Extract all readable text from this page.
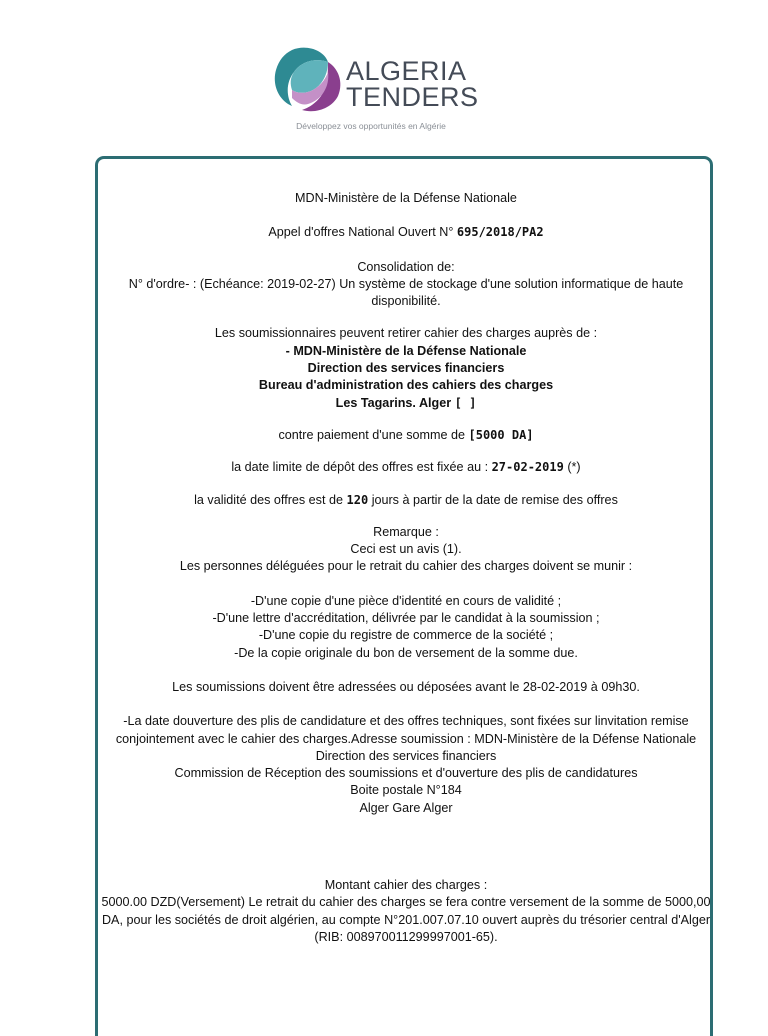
ALGERIA
TENDERS
Développez vos opportunités en Algérie

MDN-Ministère de la Défense Nationale

Appel d'offres National Ouvert N° 695/2018/PA2

Consolidation de:

N° d'ordre- : (Echéance: 2019-02-27) Un système de stockage d'une solution informatique de haute disponibilité.

Les soumissionnaires peuvent retirer cahier des charges auprès de :

- MDN-Ministère de la Défense Nationale

Direction des services financiers

Bureau d'administration des cahiers des charges

Les Tagarins. Alger [ ]

contre paiement d'une somme de [5000 DA]

la date limite de dépôt des offres est fixée au : 27-02-2019 (*)

la validité des offres est de 120 jours à partir de la date de remise des offres

Remarque :

Ceci est un avis (1).

Les personnes déléguées pour le retrait du cahier des charges doivent se munir :

-D'une copie d'une pièce d'identité en cours de validité ;

-D'une lettre d'accréditation, délivrée par le candidat à la soumission ;

-D'une copie du registre de commerce de la société ;

-De la copie originale du bon de versement de la somme due.

Les soumissions doivent être adressées ou déposées avant le 28-02-2019 à 09h30.

-La date douverture des plis de candidature et des offres techniques, sont fixées sur linvitation remise conjointement avec le cahier des charges.Adresse soumission : MDN-Ministère de la Défense Nationale

Direction des services financiers

Commission de Réception des soumissions et d'ouverture des plis de candidatures

Boite postale N°184

Alger Gare Alger

Montant cahier des charges :

5000.00 DZD(Versement) Le retrait du cahier des charges se fera contre versement de la somme de 5000,00 DA, pour les sociétés de droit algérien, au compte N°201.007.07.10 ouvert auprès du trésorier central d'Alger (RIB: 008970011299997001-65).
